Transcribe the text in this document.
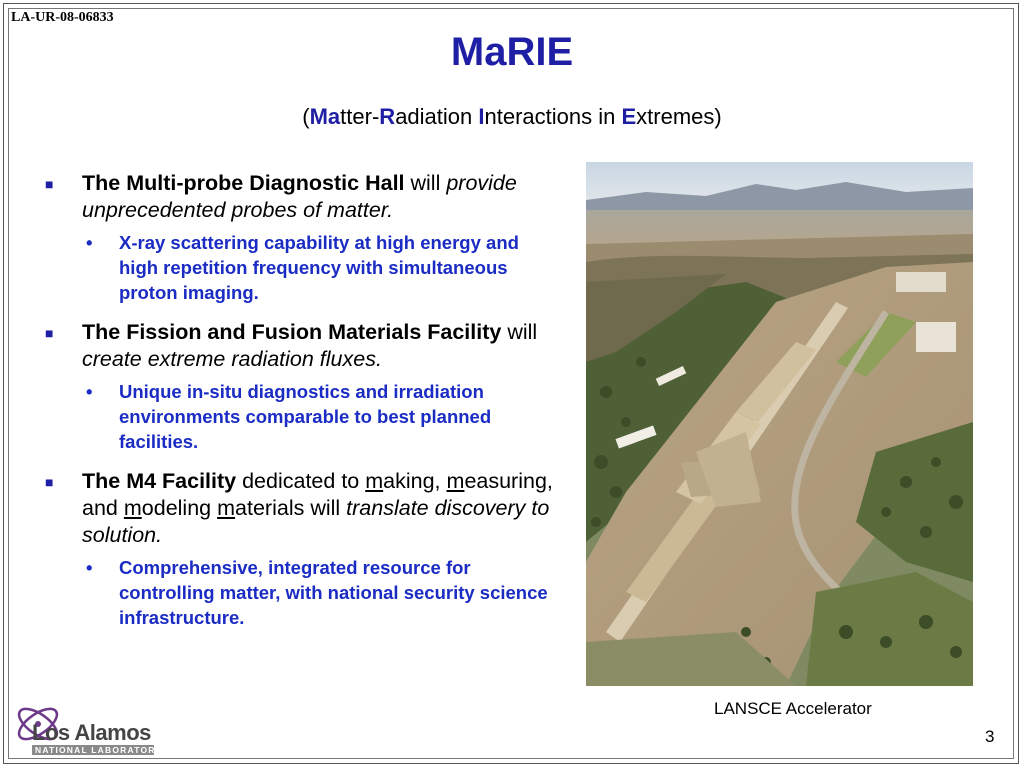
LA-UR-08-06833
MaRIE
(Matter-Radiation Interactions in Extremes)
■ The Multi-probe Diagnostic Hall will provide unprecedented probes of matter.
• X-ray scattering capability at high energy and high repetition frequency with simultaneous proton imaging.
■ The Fission and Fusion Materials Facility will create extreme radiation fluxes.
• Unique in-situ diagnostics and irradiation environments comparable to best planned facilities.
■ The M4 Facility dedicated to making, measuring, and modeling materials will translate discovery to solution.
• Comprehensive, integrated resource for controlling matter, with national security science infrastructure.
LANSCE Accelerator
3
Los Alamos
NATIONAL LABORATORY
